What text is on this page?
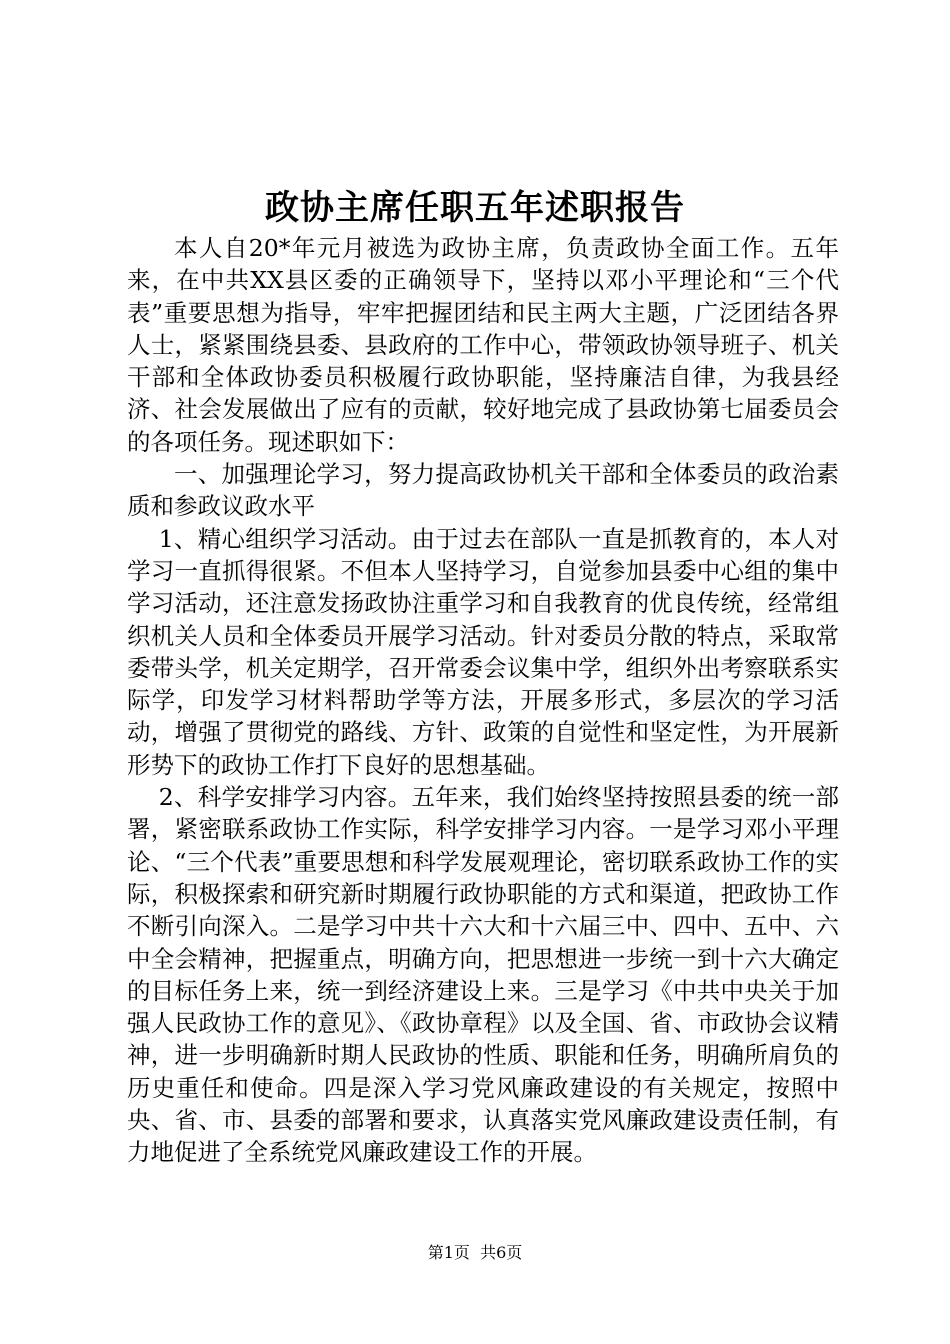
政协主席任职五年述职报告

本人自20*年元月被选为政协主席，负责政协全面工作。五年来，在中共XX县区委的正确领导下，坚持以邓小平理论和“三个代表”重要思想为指导，牢牢把握团结和民主两大主题，广泛团结各界人士，紧紧围绕县委、县政府的工作中心，带领政协领导班子、机关干部和全体政协委员积极履行政协职能，坚持廉洁自律，为我县经济、社会发展做出了应有的贡献，较好地完成了县政协第七届委员会的各项任务。现述职如下：

一、加强理论学习，努力提高政协机关干部和全体委员的政治素质和参政议政水平

1、精心组织学习活动。由于过去在部队一直是抓教育的，本人对学习一直抓得很紧。不但本人坚持学习，自觉参加县委中心组的集中学习活动，还注意发扬政协注重学习和自我教育的优良传统，经常组织机关人员和全体委员开展学习活动。针对委员分散的特点，采取常委带头学，机关定期学，召开常委会议集中学，组织外出考察联系实际学，印发学习材料帮助学等方法，开展多形式，多层次的学习活动，增强了贯彻党的路线、方针、政策的自觉性和坚定性，为开展新形势下的政协工作打下良好的思想基础。

2、科学安排学习内容。五年来，我们始终坚持按照县委的统一部署，紧密联系政协工作实际，科学安排学习内容。一是学习邓小平理论、“三个代表”重要思想和科学发展观理论，密切联系政协工作的实际，积极探索和研究新时期履行政协职能的方式和渠道，把政协工作不断引向深入。二是学习中共十六大和十六届三中、四中、五中、六中全会精神，把握重点，明确方向，把思想进一步统一到十六大确定的目标任务上来，统一到经济建设上来。三是学习《中共中央关于加强人民政协工作的意见》、《政协章程》以及全国、省、市政协会议精神，进一步明确新时期人民政协的性质、职能和任务，明确所肩负的历史重任和使命。四是深入学习党风廉政建设的有关规定，按照中央、省、市、县委的部署和要求，认真落实党风廉政建设责任制，有力地促进了全系统党风廉政建设工作的开展。

第1页  共6页
